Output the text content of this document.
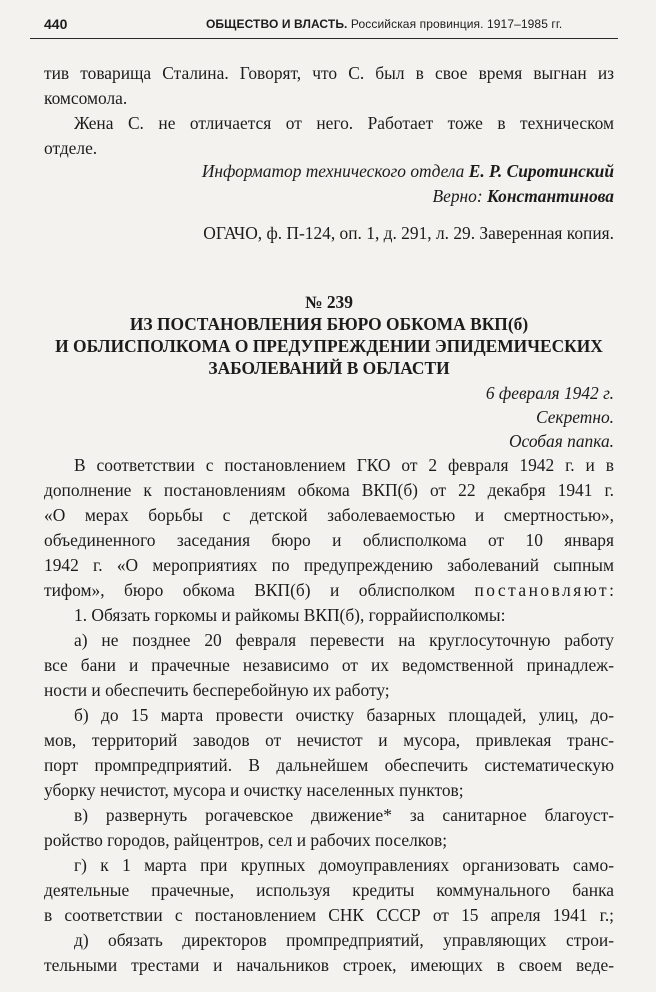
440	ОБЩЕСТВО И ВЛАСТЬ. Российская провинция. 1917–1985 гг.
тив товарища Сталина. Говорят, что С. был в свое время выгнан из
комсомола.
Жена С. не отличается от него. Работает тоже в техническом
отделе.
Информатор технического отдела Е. Р. Сиротинский
Верно: Константинова
ОГАЧО, ф. П-124, оп. 1, д. 291, л. 29. Заверенная копия.
№ 239
ИЗ ПОСТАНОВЛЕНИЯ БЮРО ОБКОМА ВКП(б)
И ОБЛИСПОЛКОМА О ПРЕДУПРЕЖДЕНИИ ЭПИДЕМИЧЕСКИХ
ЗАБОЛЕВАНИЙ В ОБЛАСТИ
6 февраля 1942 г.
Секретно.
Особая папка.
В соответствии с постановлением ГКО от 2 февраля 1942 г. и в
дополнение к постановлениям обкома ВКП(б) от 22 декабря 1941 г.
«О мерах борьбы с детской заболеваемостью и смертностью»,
объединенного заседания бюро и облисполкома от 10 января
1942 г. «О мероприятиях по предупреждению заболеваний сыпным
тифом», бюро обкома ВКП(б) и облисполком постановляют:
1. Обязать горкомы и райкомы ВКП(б), горрайисполкомы:
а) не позднее 20 февраля перевести на круглосуточную работу
все бани и прачечные независимо от их ведомственной принадлеж-
ности и обеспечить бесперебойную их работу;
б) до 15 марта провести очистку базарных площадей, улиц, до-
мов, территорий заводов от нечистот и мусора, привлекая транс-
порт промпредприятий. В дальнейшем обеспечить систематическую
уборку нечистот, мусора и очистку населенных пунктов;
в) развернуть рогачевское движение* за санитарное благоуст-
ройство городов, райцентров, сел и рабочих поселков;
г) к 1 марта при крупных домоуправлениях организовать само-
деятельные прачечные, используя кредиты коммунального банка
в соответствии с постановлением СНК СССР от 15 апреля 1941 г.;
д) обязать директоров промпредприятий, управляющих строи-
тельными трестами и начальников строек, имеющих в своем веде-
